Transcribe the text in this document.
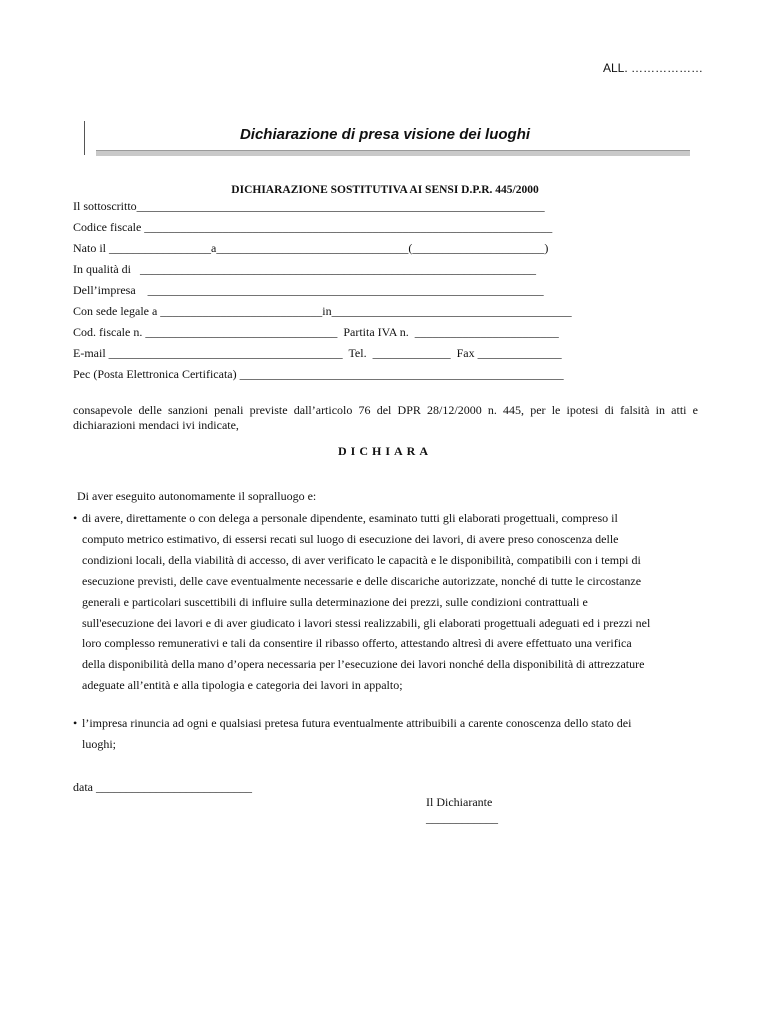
ALL. ………………
Dichiarazione di presa visione dei luoghi
DICHIARAZIONE SOSTITUTIVA AI SENSI D.P.R. 445/2000
Il sottoscritto____________________________________________________________________
Codice fiscale ____________________________________________________________________
Nato il _________________a________________________________(______________________)
In qualità di   __________________________________________________________________
Dell’impresa    __________________________________________________________________
Con sede legale a ___________________________in________________________________________
Cod. fiscale n. ________________________________  Partita IVA n.  ________________________
E-mail _______________________________________  Tel.  _____________  Fax ______________
Pec (Posta Elettronica Certificata) ______________________________________________________
consapevole delle sanzioni penali previste dall’articolo 76 del DPR 28/12/2000 n. 445, per le ipotesi di falsità in atti e dichiarazioni mendaci ivi indicate,
DICHIARA
Di aver eseguito autonomamente il sopralluogo e:
• di avere, direttamente o con delega a personale dipendente, esaminato tutti gli elaborati progettuali, compreso il
computo metrico estimativo, di essersi recati sul luogo di esecuzione dei lavori, di avere preso conoscenza delle
condizioni locali, della viabilità di accesso, di aver verificato le capacità e le disponibilità, compatibili con i tempi di
esecuzione previsti, delle cave eventualmente necessarie e delle discariche autorizzate, nonché di tutte le circostanze
generali e particolari suscettibili di influire sulla determinazione dei prezzi, sulle condizioni contrattuali e
sull'esecuzione dei lavori e di aver giudicato i lavori stessi realizzabili, gli elaborati progettuali adeguati ed i prezzi nel
loro complesso remunerativi e tali da consentire il ribasso offerto, attestando altresì di avere effettuato una verifica
della disponibilità della mano d’opera necessaria per l’esecuzione dei lavori nonché della disponibilità di attrezzature
adeguate all’entità e alla tipologia e categoria dei lavori in appalto;
• l’impresa rinuncia ad ogni e qualsiasi pretesa futura eventualmente attribuibili a carente conoscenza dello stato dei
luoghi;
data __________________________
Il Dichiarante
____________
